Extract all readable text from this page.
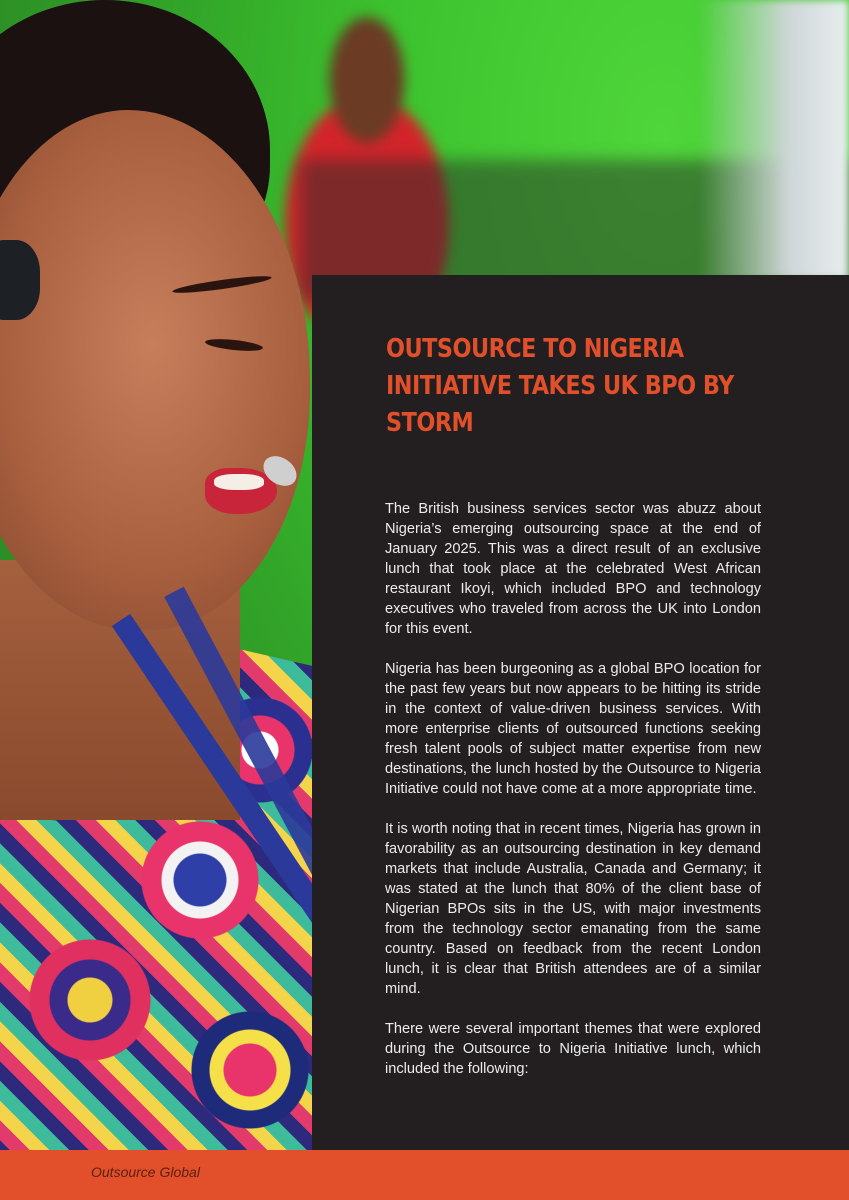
OUTSOURCE TO NIGERIA INITIATIVE TAKES UK BPO BY STORM

The British business services sector was abuzz about Nigeria’s emerging outsourcing space at the end of January 2025. This was a direct result of an exclusive lunch that took place at the celebrated West African restaurant Ikoyi, which included BPO and technology executives who traveled from across the UK into London for this event.

Nigeria has been burgeoning as a global BPO location for the past few years but now appears to be hitting its stride in the context of value-driven business services. With more enterprise clients of outsourced functions seeking fresh talent pools of subject matter expertise from new destinations, the lunch hosted by the Outsource to Nigeria Initiative could not have come at a more appropriate time.

It is worth noting that in recent times, Nigeria has grown in favorability as an outsourcing destination in key demand markets that include Australia, Canada and Germany; it was stated at the lunch that 80% of the client base of Nigerian BPOs sits in the US, with major investments from the technology sector emanating from the same country. Based on feedback from the recent London lunch, it is clear that British attendees are of a similar mind.

There were several important themes that were explored during the Outsource to Nigeria Initiative lunch, which included the following:

Outsource Global
